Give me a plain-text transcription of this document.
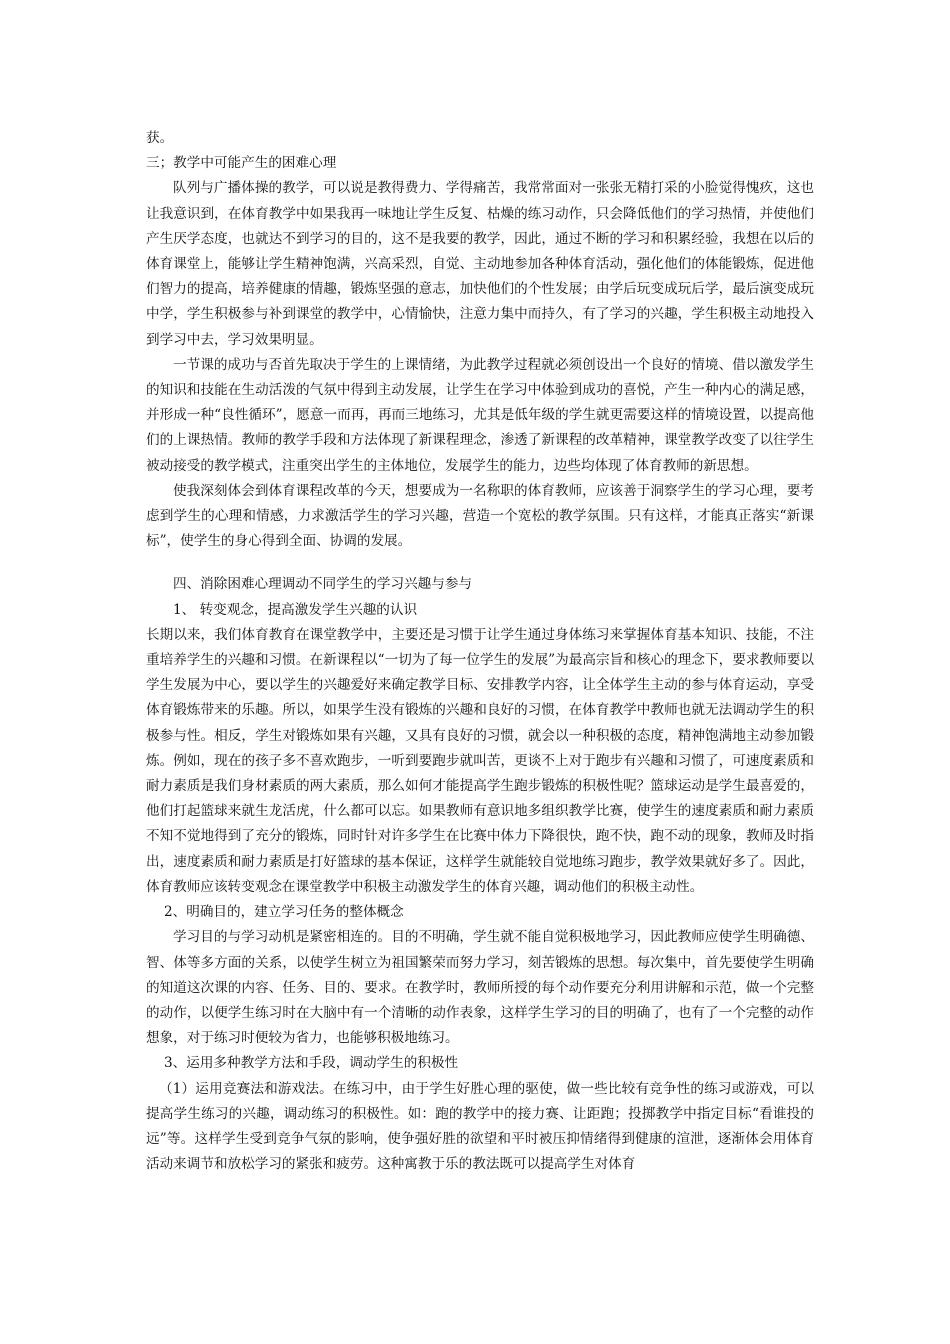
获。

三；教学中可能产生的困难心理

队列与广播体操的教学，可以说是教得费力、学得痛苦，我常常面对一张张无精打采的小脸觉得愧疚，这也让我意识到，在体育教学中如果我再一味地让学生反复、枯燥的练习动作，只会降低他们的学习热情，并使他们产生厌学态度，也就达不到学习的目的，这不是我要的教学，因此，通过不断的学习和积累经验，我想在以后的体育课堂上，能够让学生精神饱满，兴高采烈，自觉、主动地参加各种体育活动，强化他们的体能锻炼，促进他们智力的提高，培养健康的情趣，锻炼坚强的意志，加快他们的个性发展；由学后玩变成玩后学，最后演变成玩中学，学生积极参与补到课堂的教学中，心情愉快，注意力集中而持久，有了学习的兴趣，学生积极主动地投入到学习中去，学习效果明显。

一节课的成功与否首先取决于学生的上课情绪，为此教学过程就必须创设出一个良好的情境、借以激发学生的知识和技能在生动活泼的气氛中得到主动发展，让学生在学习中体验到成功的喜悦，产生一种内心的满足感，并形成一种“良性循环”，愿意一而再，再而三地练习，尤其是低年级的学生就更需要这样的情境设置，以提高他们的上课热情。教师的教学手段和方法体现了新课程理念，渗透了新课程的改革精神，课堂教学改变了以往学生被动接受的教学模式，注重突出学生的主体地位，发展学生的能力，边些均体现了体育教师的新思想。

使我深刻体会到体育课程改革的今天，想要成为一名称职的体育教师，应该善于洞察学生的学习心理，要考虑到学生的心理和情感，力求激活学生的学习兴趣，营造一个宽松的教学氛围。只有这样，才能真正落实“新课标”，使学生的身心得到全面、协调的发展。

四、消除困难心理调动不同学生的学习兴趣与参与

1、 转变观念，提高激发学生兴趣的认识

长期以来，我们体育教育在课堂教学中，主要还是习惯于让学生通过身体练习来掌握体育基本知识、技能，不注重培养学生的兴趣和习惯。在新课程以“一切为了每一位学生的发展”为最高宗旨和核心的理念下，要求教师要以学生发展为中心，要以学生的兴趣爱好来确定教学目标、安排教学内容，让全体学生主动的参与体育运动，享受体育锻炼带来的乐趣。所以，如果学生没有锻炼的兴趣和良好的习惯，在体育教学中教师也就无法调动学生的积极参与性。相反，学生对锻炼如果有兴趣，又具有良好的习惯，就会以一种积极的态度，精神饱满地主动参加锻炼。例如，现在的孩子多不喜欢跑步，一听到要跑步就叫苦，更谈不上对于跑步有兴趣和习惯了，可速度素质和耐力素质是我们身材素质的两大素质，那么如何才能提高学生跑步锻炼的积极性呢？篮球运动是学生最喜爱的，他们打起篮球来就生龙活虎，什么都可以忘。如果教师有意识地多组织教学比赛，使学生的速度素质和耐力素质不知不觉地得到了充分的锻炼，同时针对许多学生在比赛中体力下降很快，跑不快，跑不动的现象，教师及时指出，速度素质和耐力素质是打好篮球的基本保证，这样学生就能较自觉地练习跑步，教学效果就好多了。因此，体育教师应该转变观念在课堂教学中积极主动激发学生的体育兴趣，调动他们的积极主动性。

2、明确目的，建立学习任务的整体概念

学习目的与学习动机是紧密相连的。目的不明确，学生就不能自觉积极地学习，因此教师应使学生明确德、智、体等多方面的关系，以使学生树立为祖国繁荣而努力学习，刻苦锻炼的思想。每次集中，首先要使学生明确的知道这次课的内容、任务、目的、要求。在教学时，教师所授的每个动作要充分利用讲解和示范，做一个完整的动作，以便学生练习时在大脑中有一个清晰的动作表象，这样学生学习的目的明确了，也有了一个完整的动作想象，对于练习时便较为省力，也能够积极地练习。

3、运用多种教学方法和手段，调动学生的积极性

（1）运用竞赛法和游戏法。在练习中，由于学生好胜心理的驱使，做一些比较有竞争性的练习或游戏，可以提高学生练习的兴趣，调动练习的积极性。如：跑的教学中的接力赛、让距跑；投掷教学中指定目标“看谁投的远”等。这样学生受到竞争气氛的影响，使争强好胜的欲望和平时被压抑情绪得到健康的渲泄，逐渐体会用体育活动来调节和放松学习的紧张和疲劳。这种寓教于乐的教法既可以提高学生对体育
